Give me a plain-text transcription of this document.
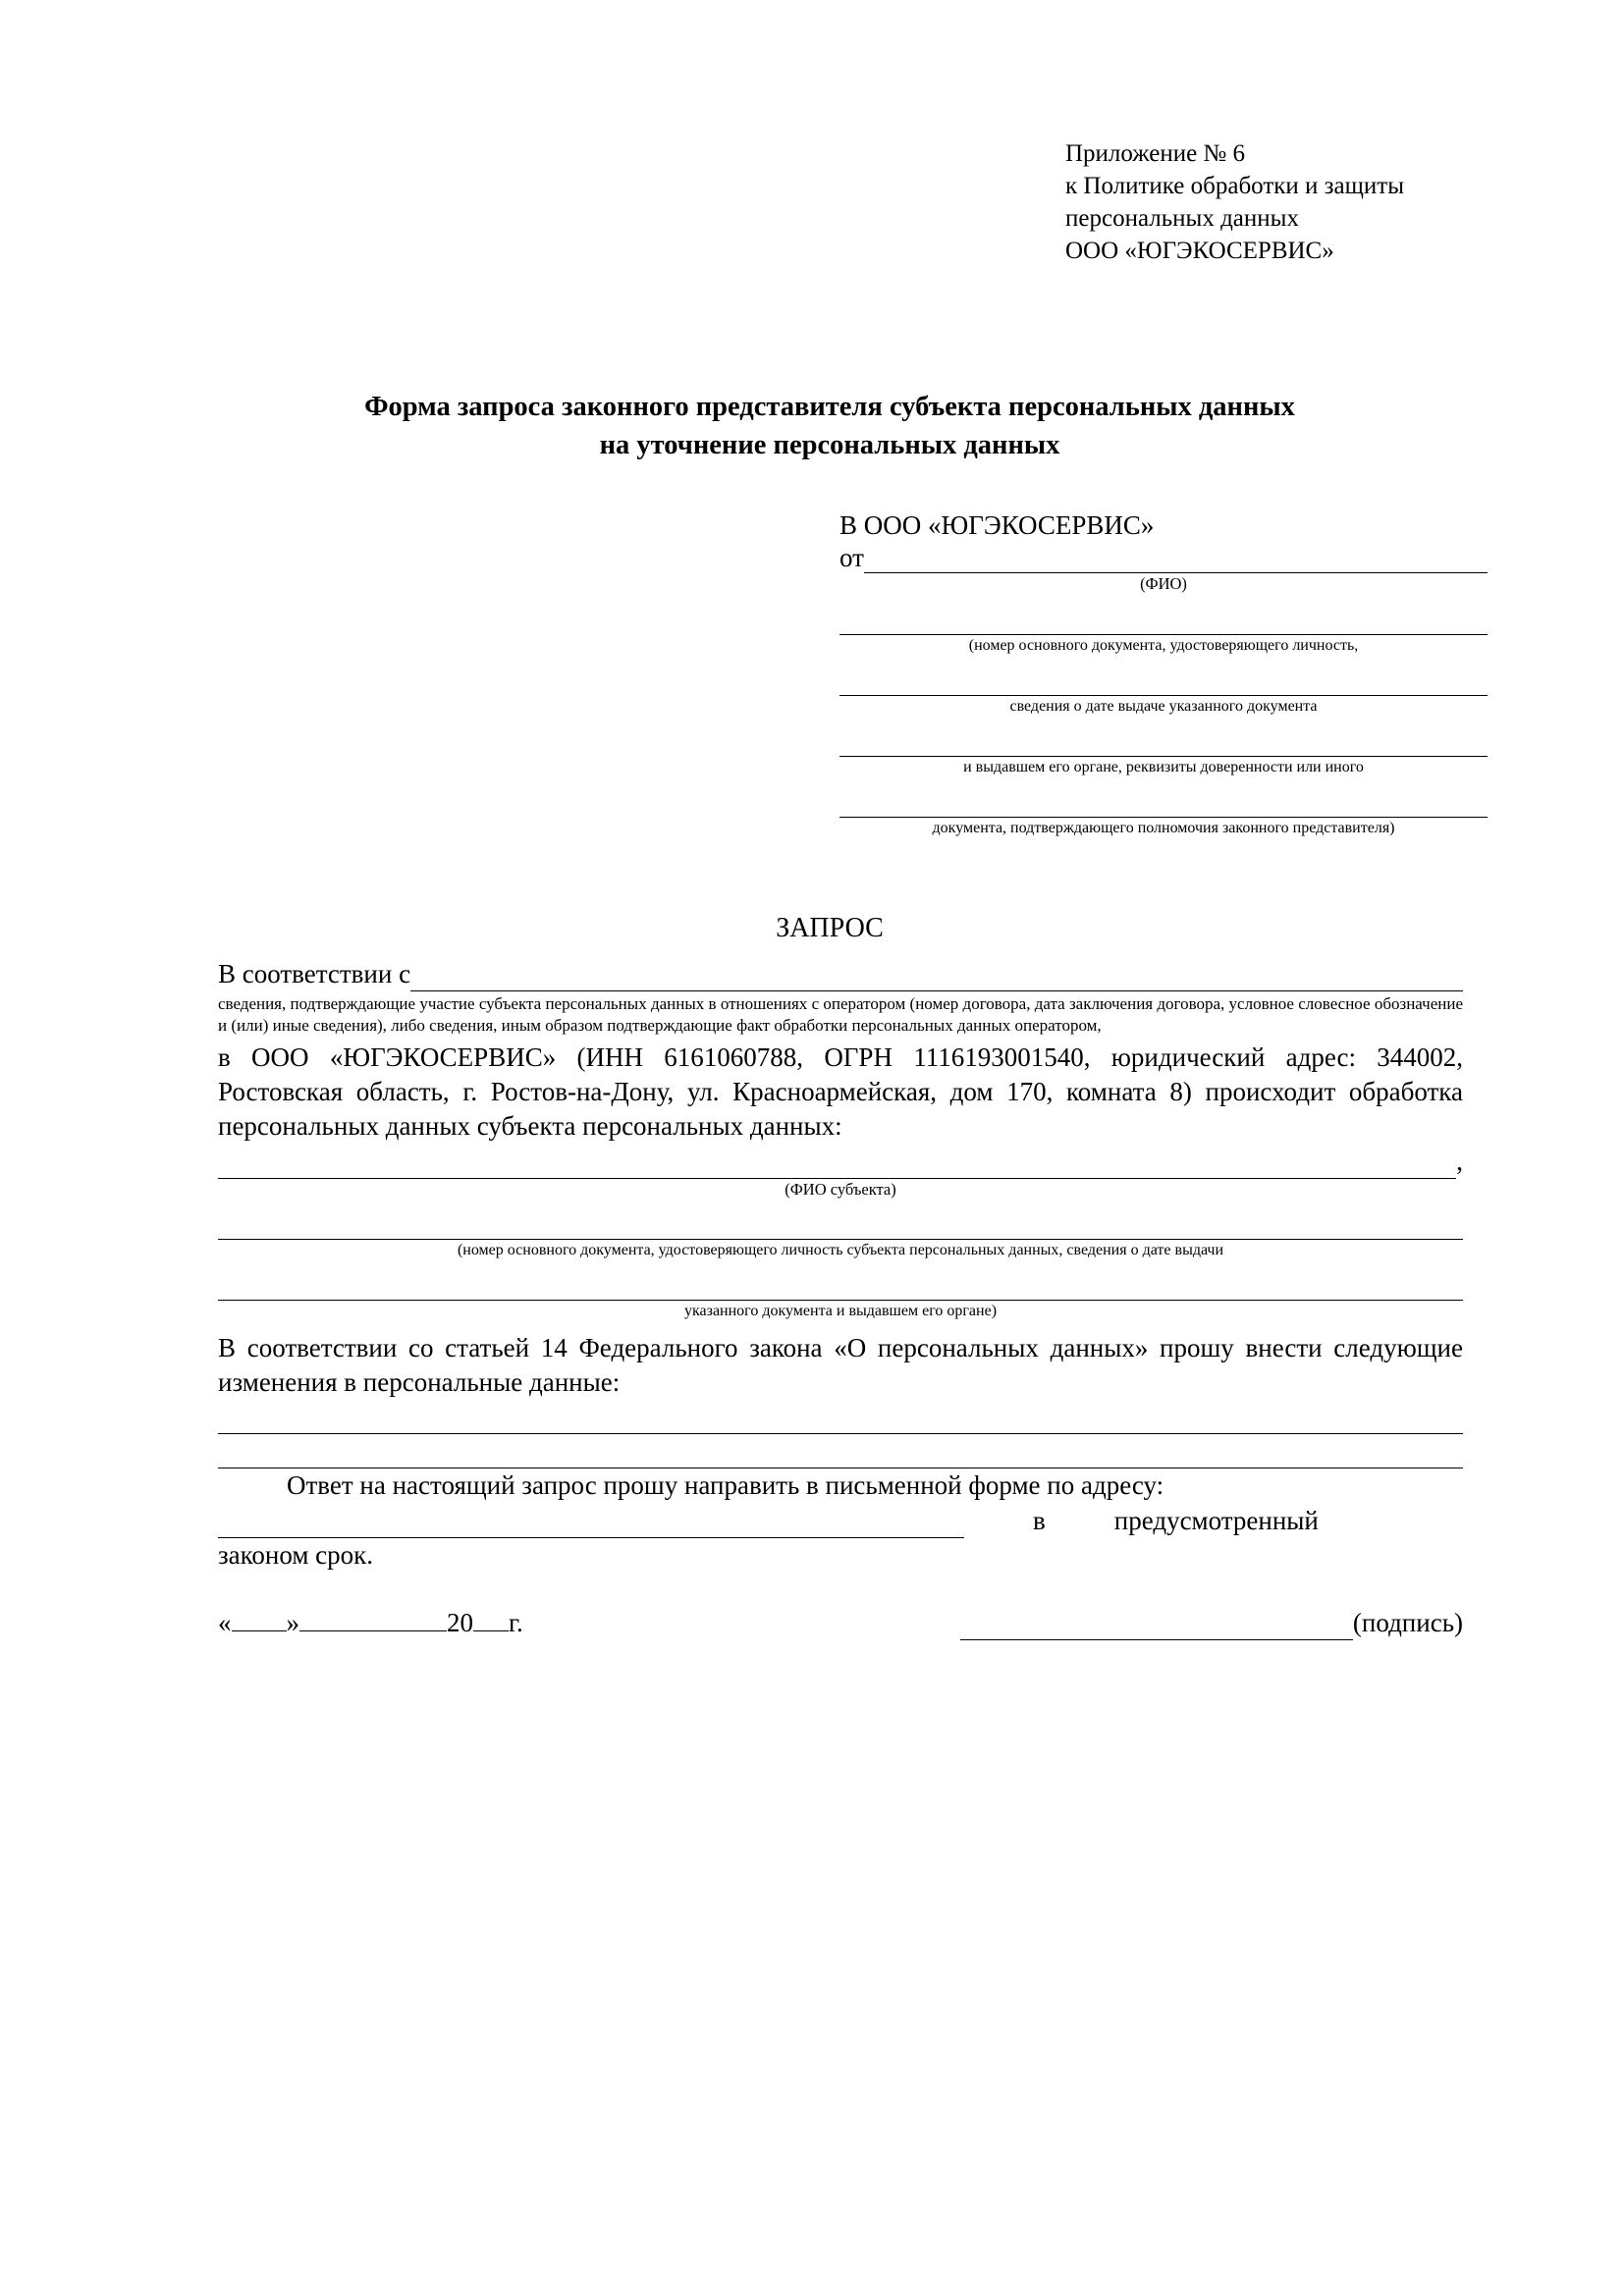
Приложение № 6
к Политике обработки и защиты
персональных данных
ООО «ЮГЭКОСЕРВИС»
Форма запроса законного представителя субъекта персональных данных
на уточнение персональных данных
В ООО «ЮГЭКОСЕРВИС»
от
(ФИО)
(номер основного документа, удостоверяющего личность,
сведения о дате выдаче указанного документа
и выдавшем его органе, реквизиты доверенности или иного
документа, подтверждающего полномочия законного представителя)
ЗАПРОС
В соответствии с
сведения, подтверждающие участие субъекта персональных данных в отношениях с оператором (номер договора, дата заключения договора, условное словесное обозначение и (или) иные сведения), либо сведения, иным образом подтверждающие факт обработки персональных данных оператором,

в ООО «ЮГЭКОСЕРВИС» (ИНН 6161060788, ОГРН 1116193001540, юридический адрес: 344002, Ростовская область, г. Ростов-на-Дону, ул. Красноармейская, дом 170, комната 8) происходит обработка персональных данных субъекта персональных данных:

,
(ФИО субъекта)
(номер основного документа, удостоверяющего личность субъекта персональных данных, сведения о дате выдачи
указанного документа и выдавшем его органе)

В соответствии со статьей 14 Федерального закона «О персональных данных» прошу внести следующие изменения в персональные данные:

Ответ на настоящий запрос прошу направить в письменной форме по адресу:

в	предусмотренный

законом срок.

« »	20 г.	(подпись)
